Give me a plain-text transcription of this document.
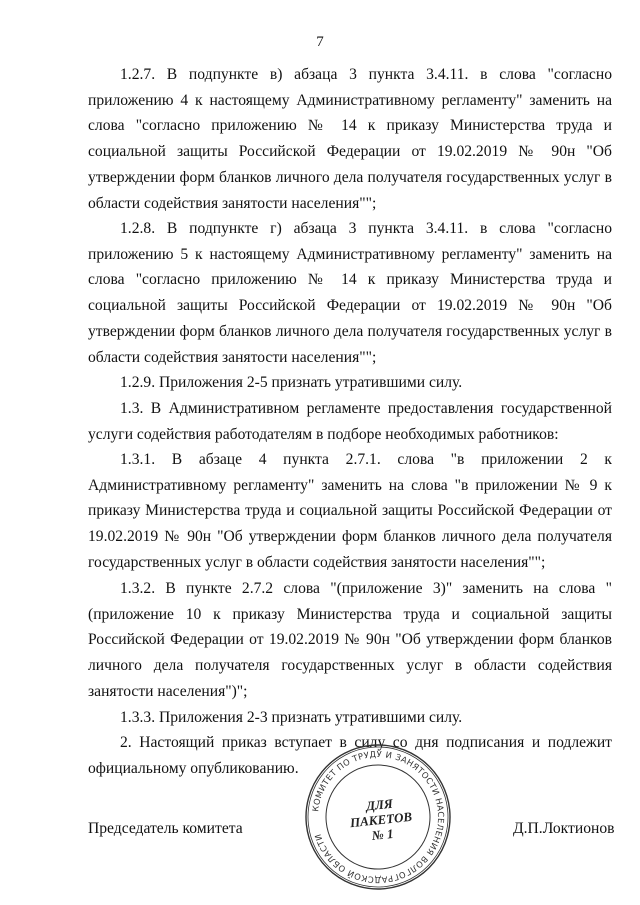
7

1.2.7. В подпункте в) абзаца 3 пункта 3.4.11. в слова "согласно приложению 4 к настоящему Административному регламенту" заменить на слова "согласно приложению № 14 к приказу Министерства труда и социальной защиты Российской Федерации от 19.02.2019 № 90н "Об утверждении форм бланков личного дела получателя государственных услуг в области содействия занятости населения"";

1.2.8. В подпункте г) абзаца 3 пункта 3.4.11. в слова "согласно приложению 5 к настоящему Административному регламенту" заменить на слова "согласно приложению № 14 к приказу Министерства труда и социальной защиты Российской Федерации от 19.02.2019 № 90н "Об утверждении форм бланков личного дела получателя государственных услуг в области содействия занятости населения"";

1.2.9. Приложения 2-5 признать утратившими силу.

1.3. В Административном регламенте предоставления государственной услуги содействия работодателям в подборе необходимых работников:

1.3.1. В абзаце 4 пункта 2.7.1. слова "в приложении 2 к Административному регламенту" заменить на слова "в приложении № 9 к приказу Министерства труда и социальной защиты Российской Федерации от 19.02.2019 № 90н "Об утверждении форм бланков личного дела получателя государственных услуг в области содействия занятости населения"";

1.3.2. В пункте 2.7.2 слова "(приложение 3)" заменить на слова "(приложение 10 к приказу Министерства труда и социальной защиты Российской Федерации от 19.02.2019 № 90н "Об утверждении форм бланков личного дела получателя государственных услуг в области содействия занятости населения")";

1.3.3. Приложения 2-3 признать утратившими силу.

2. Настоящий приказ вступает в силу со дня подписания и подлежит официальному опубликованию.

КОМИТЕТ ПО ТРУДУ И ЗАНЯТОСТИ НАСЕЛЕНИЯ ВОЛГОГРАДСКОЙ ОБЛАСТИ
ДЛЯ
ПАКЕТОВ
№ 1
Председатель комитета	Д.П.Локтионов
